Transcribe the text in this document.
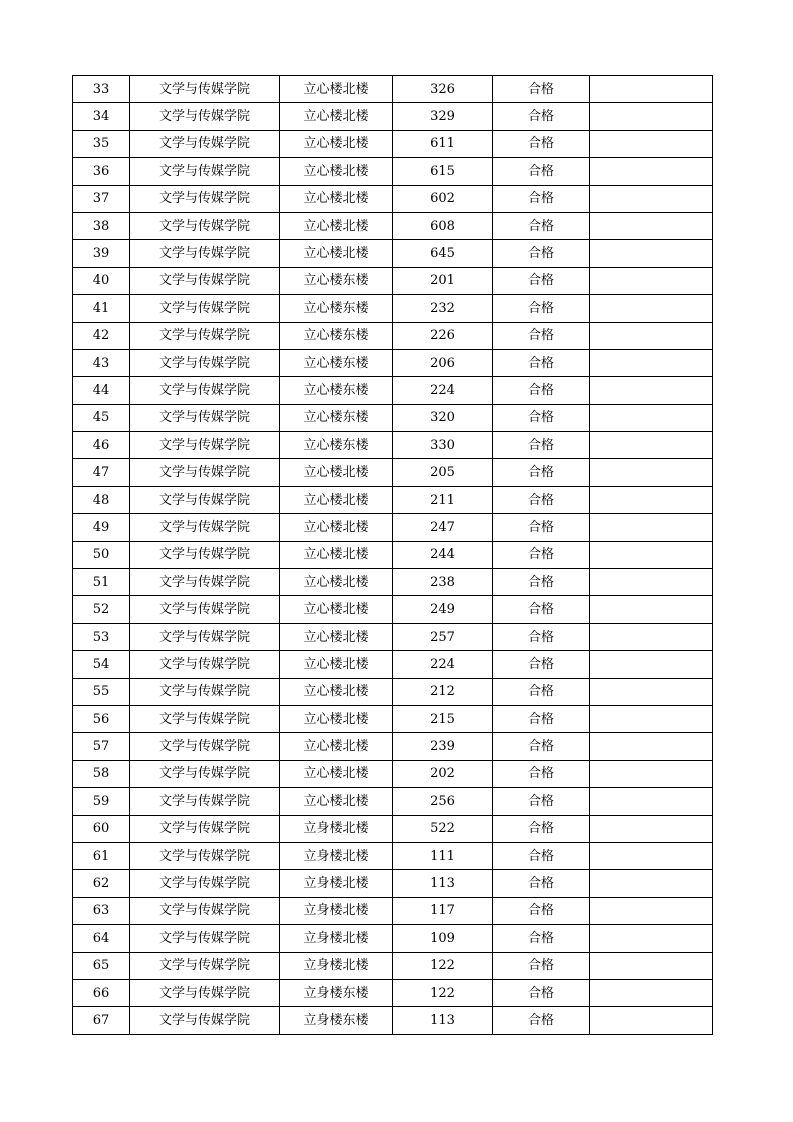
33	文学与传媒学院	立心楼北楼	326	合格	
34	文学与传媒学院	立心楼北楼	329	合格	
35	文学与传媒学院	立心楼北楼	611	合格	
36	文学与传媒学院	立心楼北楼	615	合格	
37	文学与传媒学院	立心楼北楼	602	合格	
38	文学与传媒学院	立心楼北楼	608	合格	
39	文学与传媒学院	立心楼北楼	645	合格	
40	文学与传媒学院	立心楼东楼	201	合格	
41	文学与传媒学院	立心楼东楼	232	合格	
42	文学与传媒学院	立心楼东楼	226	合格	
43	文学与传媒学院	立心楼东楼	206	合格	
44	文学与传媒学院	立心楼东楼	224	合格	
45	文学与传媒学院	立心楼东楼	320	合格	
46	文学与传媒学院	立心楼东楼	330	合格	
47	文学与传媒学院	立心楼北楼	205	合格	
48	文学与传媒学院	立心楼北楼	211	合格	
49	文学与传媒学院	立心楼北楼	247	合格	
50	文学与传媒学院	立心楼北楼	244	合格	
51	文学与传媒学院	立心楼北楼	238	合格	
52	文学与传媒学院	立心楼北楼	249	合格	
53	文学与传媒学院	立心楼北楼	257	合格	
54	文学与传媒学院	立心楼北楼	224	合格	
55	文学与传媒学院	立心楼北楼	212	合格	
56	文学与传媒学院	立心楼北楼	215	合格	
57	文学与传媒学院	立心楼北楼	239	合格	
58	文学与传媒学院	立心楼北楼	202	合格	
59	文学与传媒学院	立心楼北楼	256	合格	
60	文学与传媒学院	立身楼北楼	522	合格	
61	文学与传媒学院	立身楼北楼	111	合格	
62	文学与传媒学院	立身楼北楼	113	合格	
63	文学与传媒学院	立身楼北楼	117	合格	
64	文学与传媒学院	立身楼北楼	109	合格	
65	文学与传媒学院	立身楼北楼	122	合格	
66	文学与传媒学院	立身楼东楼	122	合格	
67	文学与传媒学院	立身楼东楼	113	合格	
